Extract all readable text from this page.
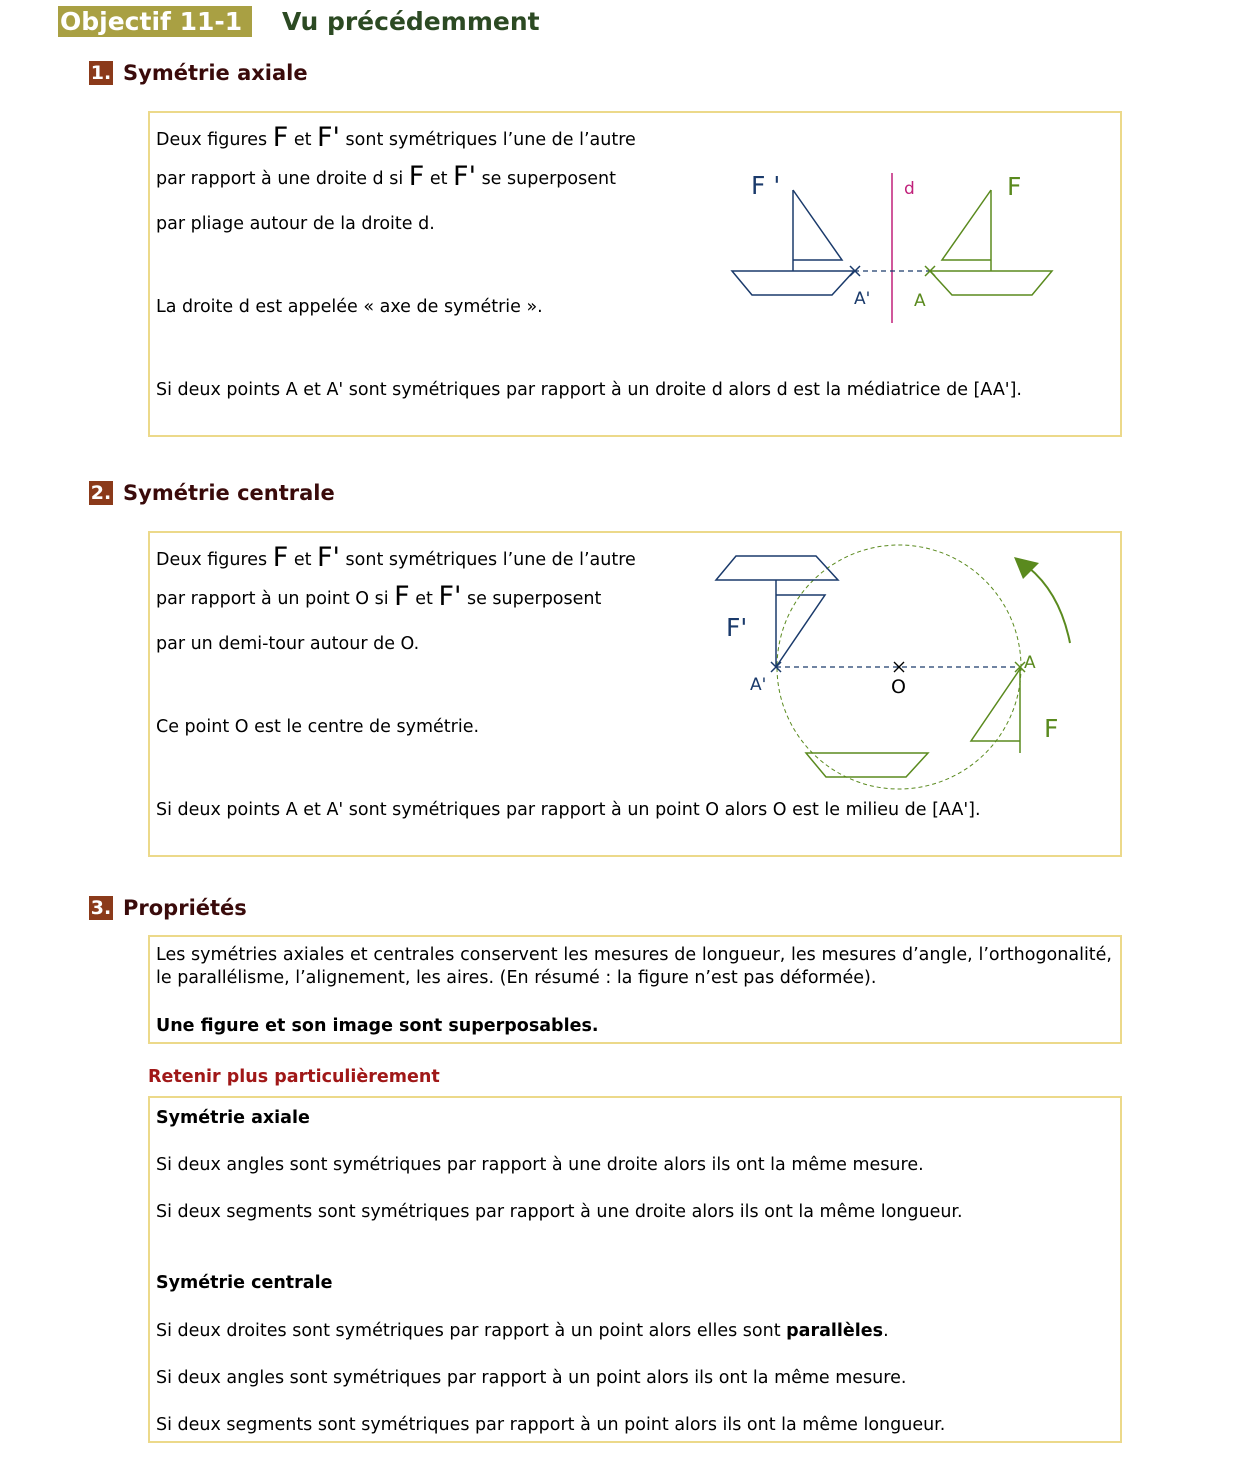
Objectif 11-1	Vu précédemment
1. Symétrie axiale
Deux figures F et F' sont symétriques l’une de l’autre
par rapport à une droite d si F et F' se superposent
par pliage autour de la droite d.
La droite d est appelée « axe de symétrie ».
Si deux points A et A' sont symétriques par rapport à un droite d alors d est la médiatrice de [AA'].
d
F '
A'
F
A
2. Symétrie centrale
Deux figures F et F' sont symétriques l’une de l’autre
par rapport à un point O si F et F' se superposent
par un demi-tour autour de O.
Ce point O est le centre de symétrie.
Si deux points A et A' sont symétriques par rapport à un point O alors O est le milieu de [AA'].
F'
A'	O
A
F
3. Propriétés
Les symétries axiales et centrales conservent les mesures de longueur, les mesures d’angle, l’orthogonalité, le parallélisme, l’alignement, les aires. (En résumé : la figure n’est pas déformée).
Une figure et son image sont superposables.
Retenir plus particulièrement
Symétrie axiale
Si deux angles sont symétriques par rapport à une droite alors ils ont la même mesure.
Si deux segments sont symétriques par rapport à une droite alors ils ont la même longueur.
Symétrie centrale
Si deux droites sont symétriques par rapport à un point alors elles sont parallèles.
Si deux angles sont symétriques par rapport à un point alors ils ont la même mesure.
Si deux segments sont symétriques par rapport à un point alors ils ont la même longueur.
